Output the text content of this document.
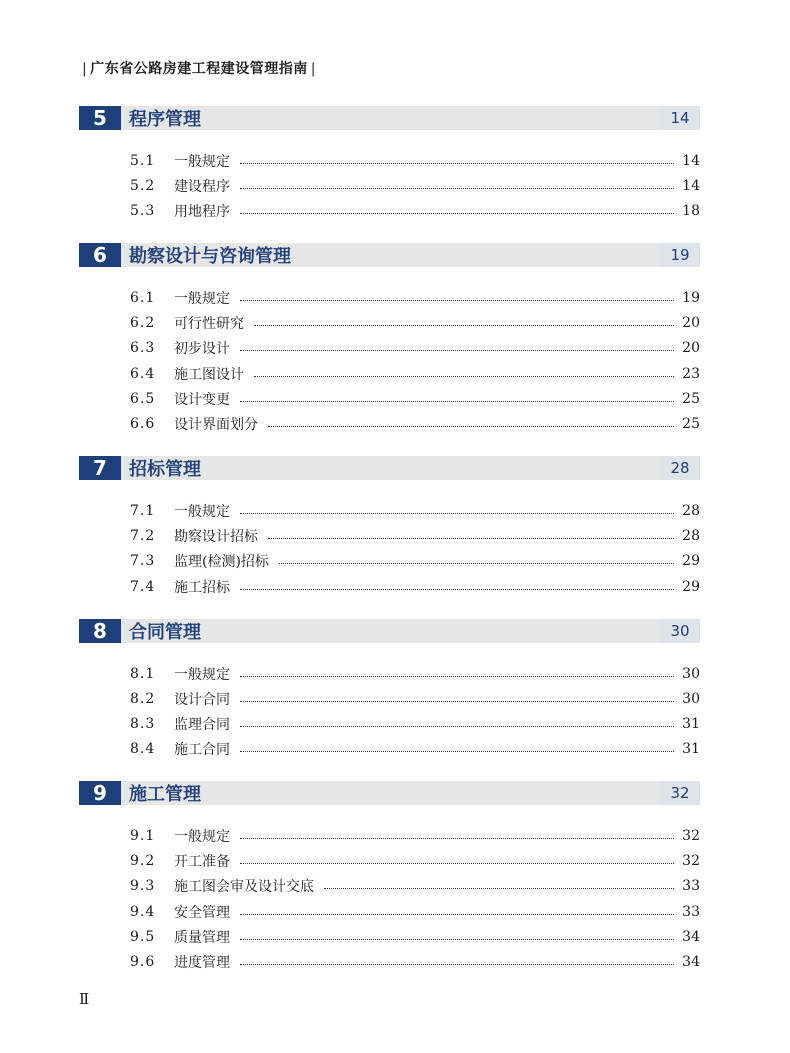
| 广东省公路房建工程建设管理指南 |
5	程序管理	14
5.1	一般规定	14
5.2	建设程序	14
5.3	用地程序	18
6	勘察设计与咨询管理	19
6.1	一般规定	19
6.2	可行性研究	20
6.3	初步设计	20
6.4	施工图设计	23
6.5	设计变更	25
6.6	设计界面划分	25
7	招标管理	28
7.1	一般规定	28
7.2	勘察设计招标	28
7.3	监理(检测)招标	29
7.4	施工招标	29
8	合同管理	30
8.1	一般规定	30
8.2	设计合同	30
8.3	监理合同	31
8.4	施工合同	31
9	施工管理	32
9.1	一般规定	32
9.2	开工准备	32
9.3	施工图会审及设计交底	33
9.4	安全管理	33
9.5	质量管理	34
9.6	进度管理	34
Ⅱ
